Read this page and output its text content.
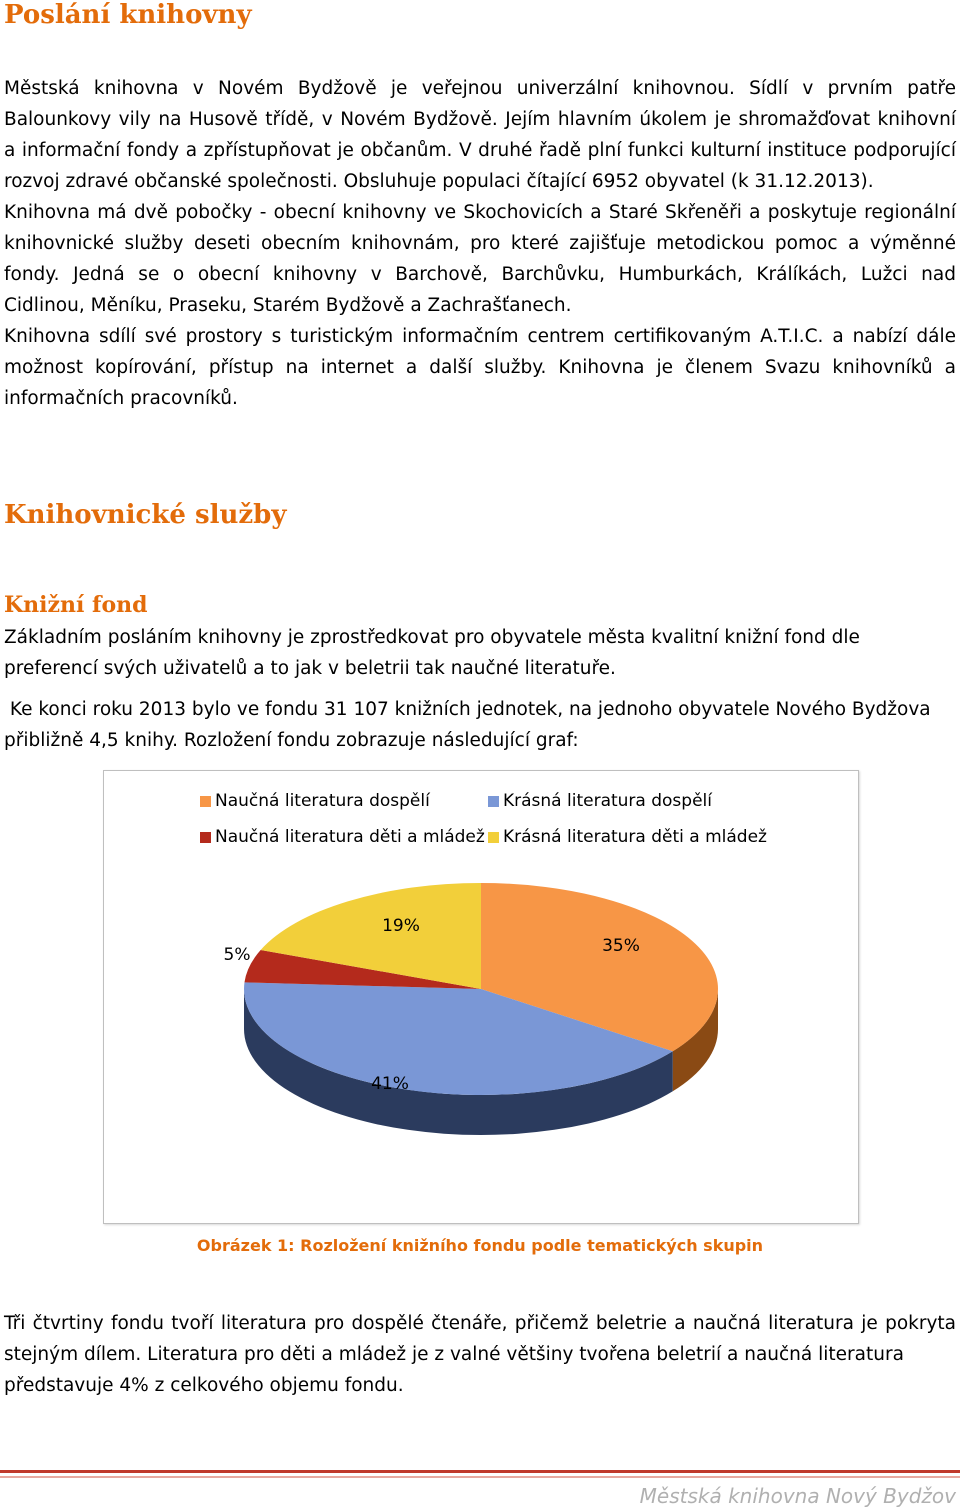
Poslání knihovny
Městská knihovna v Novém Bydžově je veřejnou univerzální knihovnou. Sídlí v prvním patře
Balounkovy vily na Husově třídě, v Novém Bydžově. Jejím hlavním úkolem je shromažďovat knihovní
a informační fondy a zpřístupňovat je občanům. V druhé řadě plní funkci kulturní instituce podporující
rozvoj zdravé občanské společnosti. Obsluhuje populaci čítající 6952 obyvatel (k 31.12.2013).
Knihovna má dvě pobočky - obecní knihovny ve Skochovicích a Staré Skřeněři a poskytuje regionální
knihovnické služby deseti obecním knihovnám, pro které zajišťuje metodickou pomoc a výměnné
fondy. Jedná se o obecní knihovny v Barchově, Barchůvku, Humburkách, Králíkách, Lužci nad
Cidlinou, Měníku, Praseku, Starém Bydžově a Zachrašťanech.
Knihovna sdílí své prostory s turistickým informačním centrem certifikovaným A.T.I.C. a nabízí dále
možnost kopírování, přístup na internet a další služby. Knihovna je členem Svazu knihovníků a
informačních pracovníků.
Knihovnické služby
Knižní fond
Základním posláním knihovny je zprostředkovat pro obyvatele města kvalitní knižní fond dle
preferencí svých uživatelů a to jak v beletrii tak naučné literatuře.
Ke konci roku 2013 bylo ve fondu 31 107 knižních jednotek, na jednoho obyvatele Nového Bydžova
přibližně 4,5 knihy. Rozložení fondu zobrazuje následující graf:
Naučná literatura dospělí	Krásná literatura dospělí
Naučná literatura děti a mládež Krásná literatura děti a mládež
35%
41%
5%
19%
Obrázek 1: Rozložení knižního fondu podle tematických skupin
Tři čtvrtiny fondu tvoří literatura pro dospělé čtenáře, přičemž beletrie a naučná literatura je pokryta
stejným dílem. Literatura pro děti a mládež je z valné většiny tvořena beletrií a naučná literatura
představuje 4% z celkového objemu fondu.
Městská knihovna Nový Bydžov
